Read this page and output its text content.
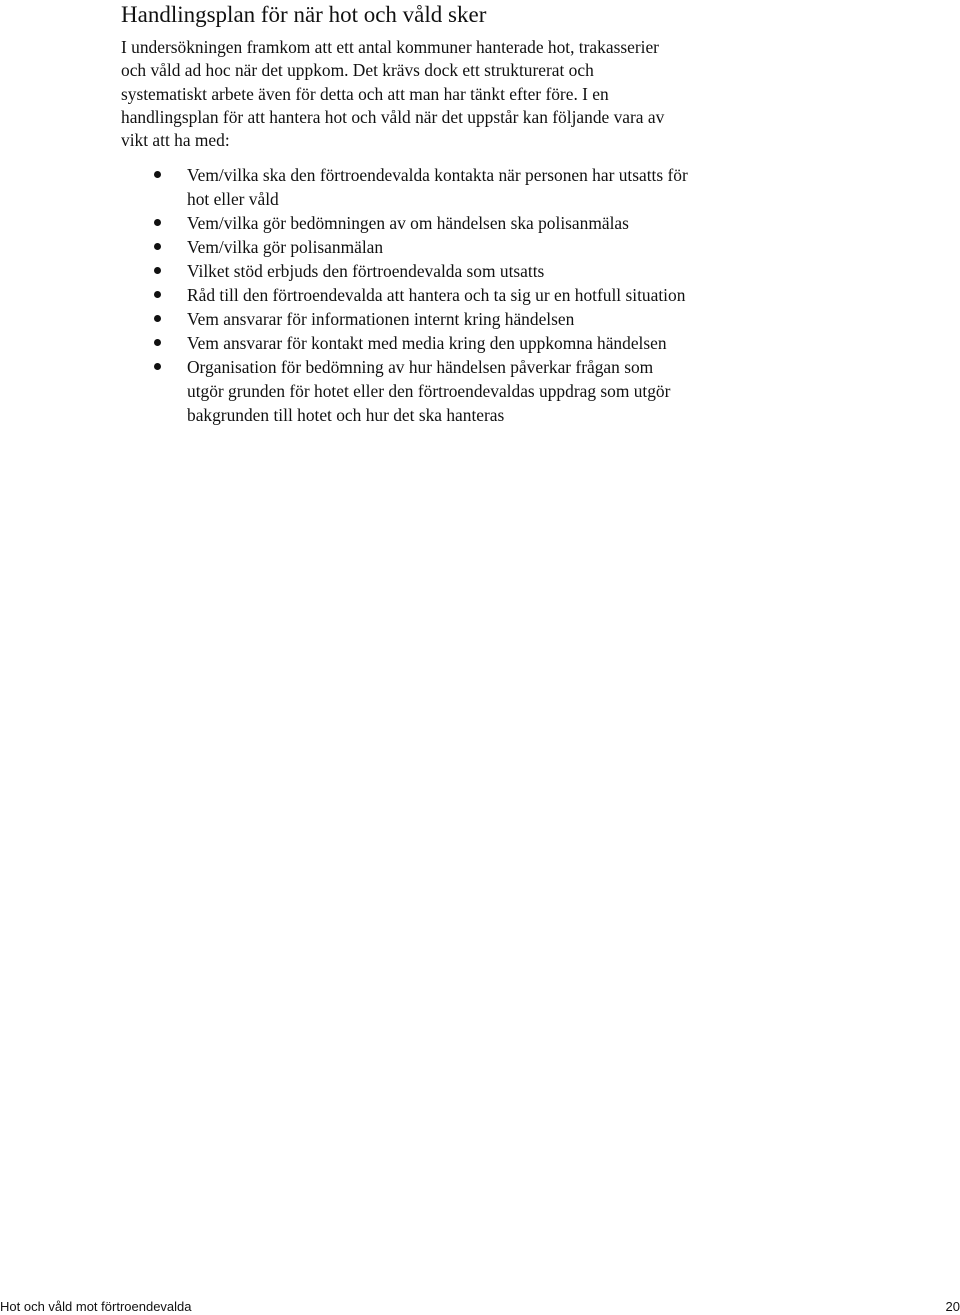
Handlingsplan för när hot och våld sker

I undersökningen framkom att ett antal kommuner hanterade hot, trakasserier
och våld ad hoc när det uppkom. Det krävs dock ett strukturerat och
systematiskt arbete även för detta och att man har tänkt efter före. I en
handlingsplan för att hantera hot och våld när det uppstår kan följande vara av
vikt att ha med:

Vem/vilka ska den förtroendevalda kontakta när personen har utsatts för
hot eller våld
Vem/vilka gör bedömningen av om händelsen ska polisanmälas
Vem/vilka gör polisanmälan
Vilket stöd erbjuds den förtroendevalda som utsatts
Råd till den förtroendevalda att hantera och ta sig ur en hotfull situation
Vem ansvarar för informationen internt kring händelsen
Vem ansvarar för kontakt med media kring den uppkomna händelsen
Organisation för bedömning av hur händelsen påverkar frågan som
utgör grunden för hotet eller den förtroendevaldas uppdrag som utgör
bakgrunden till hotet och hur det ska hanteras
Hot och våld mot förtroendevalda	20
